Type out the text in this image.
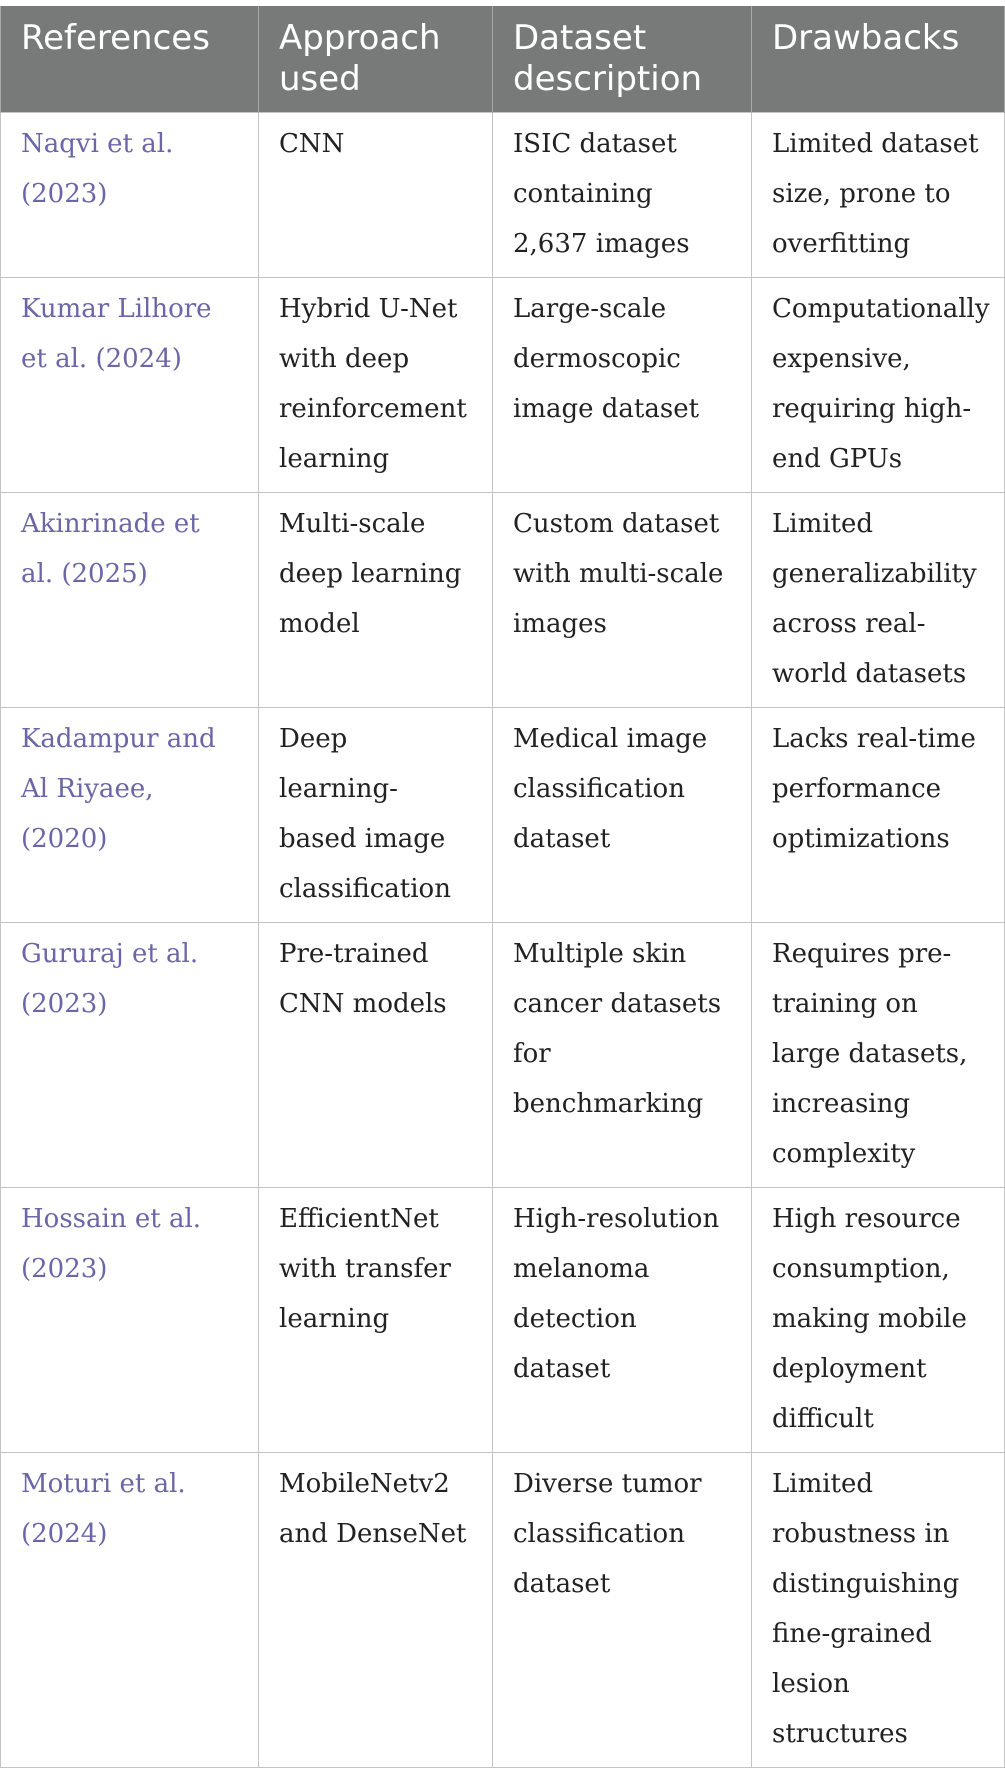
References	Approach used	Dataset description	Drawbacks
Naqvi et al. (2023)	CNN	ISIC dataset containing 2,637 images	Limited dataset size, prone to overfitting
Kumar Lilhore et al. (2024)	Hybrid U-Net with deep reinforcement learning	Large-scale dermoscopic image dataset	Computationally expensive, requiring high-end GPUs
Akinrinade et al. (2025)	Multi-scale deep learning model	Custom dataset with multi-scale images	Limited generalizability across real-world datasets
Kadampur and Al Riyaee, (2020)	Deep learning-based image classification	Medical image classification dataset	Lacks real-time performance optimizations
Gururaj et al. (2023)	Pre-trained CNN models	Multiple skin cancer datasets for benchmarking	Requires pre-training on large datasets, increasing complexity
Hossain et al. (2023)	EfficientNet with transfer learning	High-resolution melanoma detection dataset	High resource consumption, making mobile deployment difficult
Moturi et al. (2024)	MobileNetv2 and DenseNet	Diverse tumor classification dataset	Limited robustness in distinguishing fine-grained lesion structures
